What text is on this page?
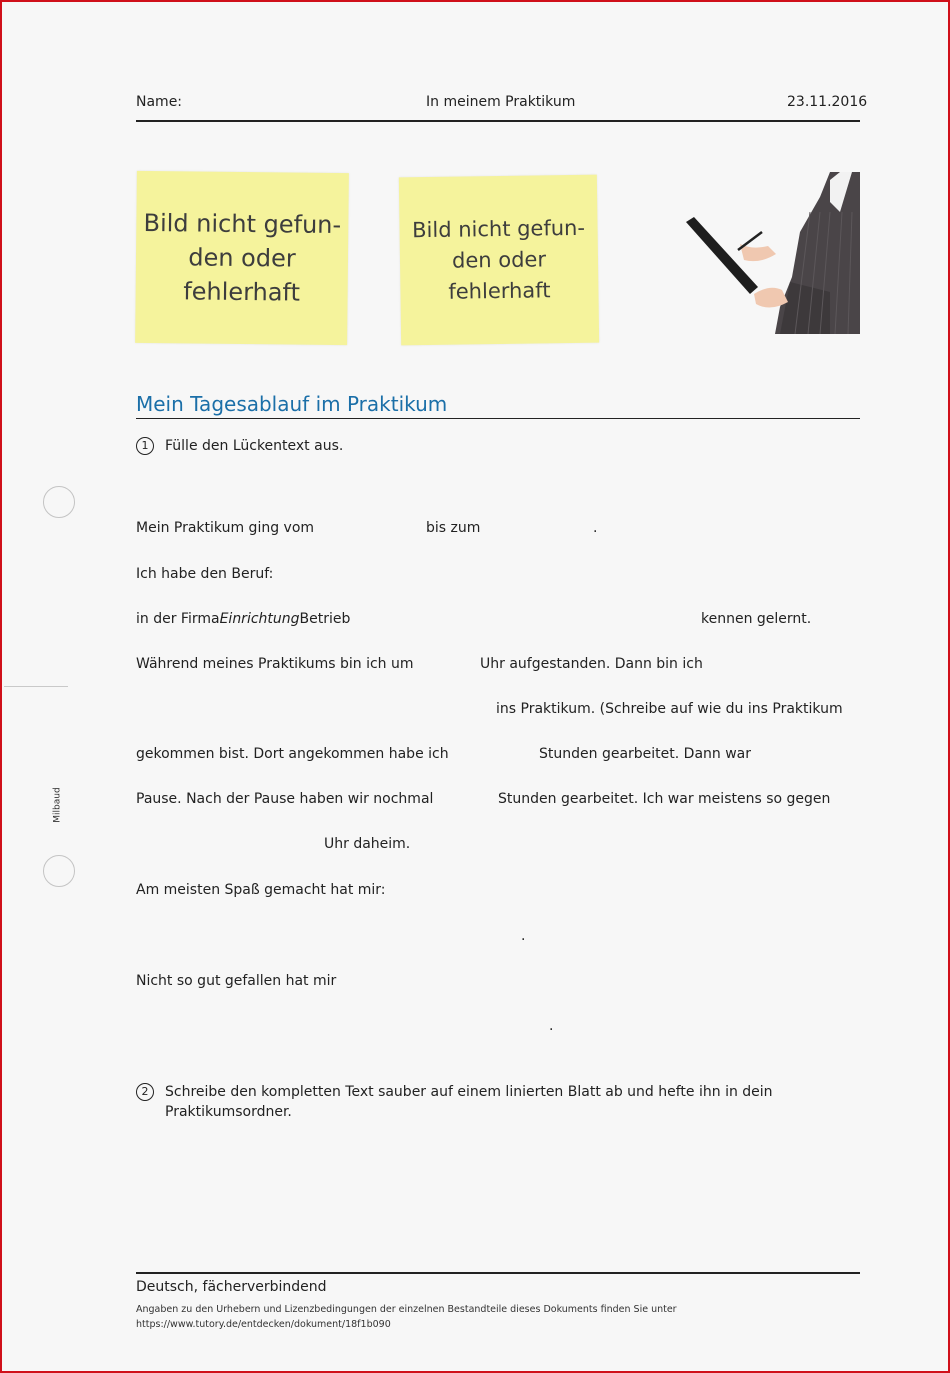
Name:	In meinem Praktikum	23.11.2016
Bild nicht gefun-
den oder
fehlerhaft
Bild nicht gefun-
den oder
fehlerhaft
Mein Tagesablauf im Praktikum
1	Fülle den Lückentext aus.
Mein Praktikum ging vom	bis zum	.
Ich habe den Beruf:
in der FirmaEinrichtungBetrieb	kennen gelernt.
Während meines Praktikums bin ich um	Uhr aufgestanden. Dann bin ich
ins Praktikum. (Schreibe auf wie du ins Praktikum
gekommen bist. Dort angekommen habe ich	Stunden gearbeitet. Dann war
Pause. Nach der Pause haben wir nochmal	Stunden gearbeitet. Ich war meistens so gegen
Uhr daheim.
Am meisten Spaß gemacht hat mir:
.
Nicht so gut gefallen hat mir
.
2	Schreibe den kompletten Text sauber auf einem linierten Blatt ab und hefte ihn in dein
Praktikumsordner.
Milbaud
Deutsch, fächerverbindend
Angaben zu den Urhebern und Lizenzbedingungen der einzelnen Bestandteile dieses Dokuments finden Sie unter
https://www.tutory.de/entdecken/dokument/18f1b090
